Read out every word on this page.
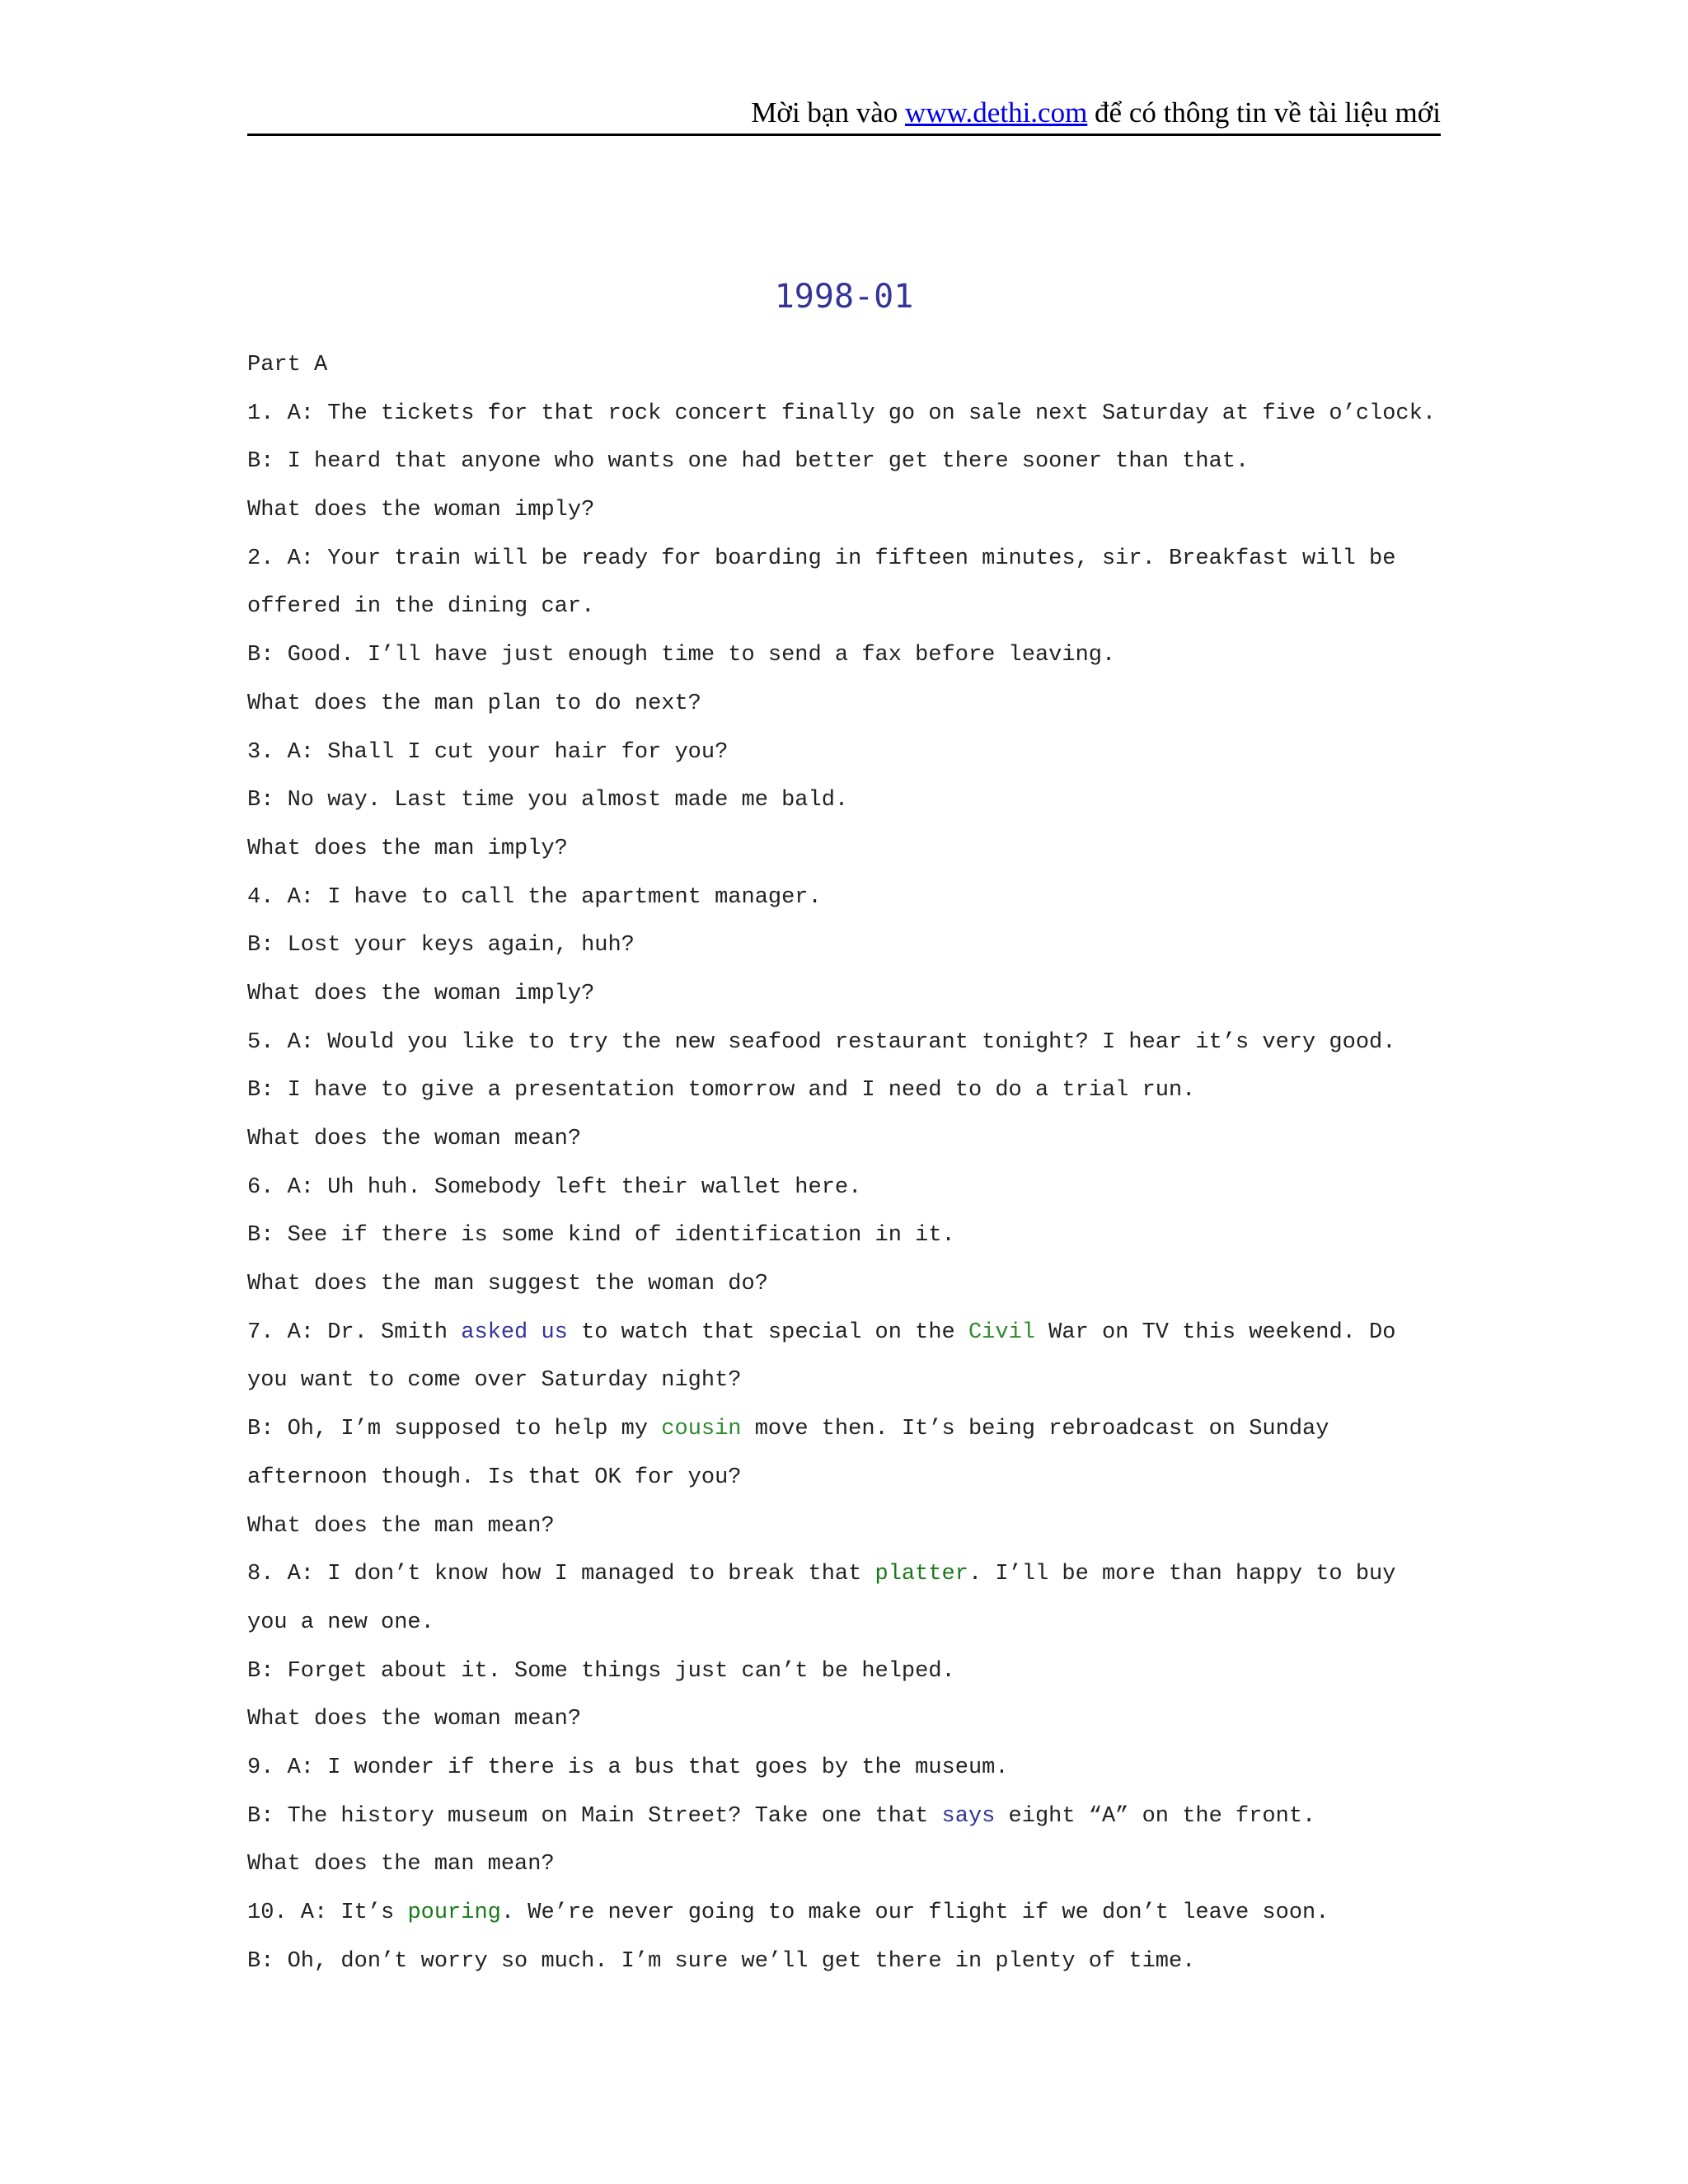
Mời bạn vào www.dethi.com để có thông tin về tài liệu mới
1998-01
Part A
1. A: The tickets for that rock concert finally go on sale next Saturday at five o’clock.
B: I heard that anyone who wants one had better get there sooner than that.
What does the woman imply?
2. A: Your train will be ready for boarding in fifteen minutes, sir. Breakfast will be
offered in the dining car.
B: Good. I’ll have just enough time to send a fax before leaving.
What does the man plan to do next?
3. A: Shall I cut your hair for you?
B: No way. Last time you almost made me bald.
What does the man imply?
4. A: I have to call the apartment manager.
B: Lost your keys again, huh?
What does the woman imply?
5. A: Would you like to try the new seafood restaurant tonight? I hear it’s very good.
B: I have to give a presentation tomorrow and I need to do a trial run.
What does the woman mean?
6. A: Uh huh. Somebody left their wallet here.
B: See if there is some kind of identification in it.
What does the man suggest the woman do?
7. A: Dr. Smith asked us to watch that special on the Civil War on TV this weekend. Do
you want to come over Saturday night?
B: Oh, I’m supposed to help my cousin move then. It’s being rebroadcast on Sunday
afternoon though. Is that OK for you?
What does the man mean?
8. A: I don’t know how I managed to break that platter. I’ll be more than happy to buy
you a new one.
B: Forget about it. Some things just can’t be helped.
What does the woman mean?
9. A: I wonder if there is a bus that goes by the museum.
B: The history museum on Main Street? Take one that says eight “A” on the front.
What does the man mean?
10. A: It’s pouring. We’re never going to make our flight if we don’t leave soon.
B: Oh, don’t worry so much. I’m sure we’ll get there in plenty of time.
